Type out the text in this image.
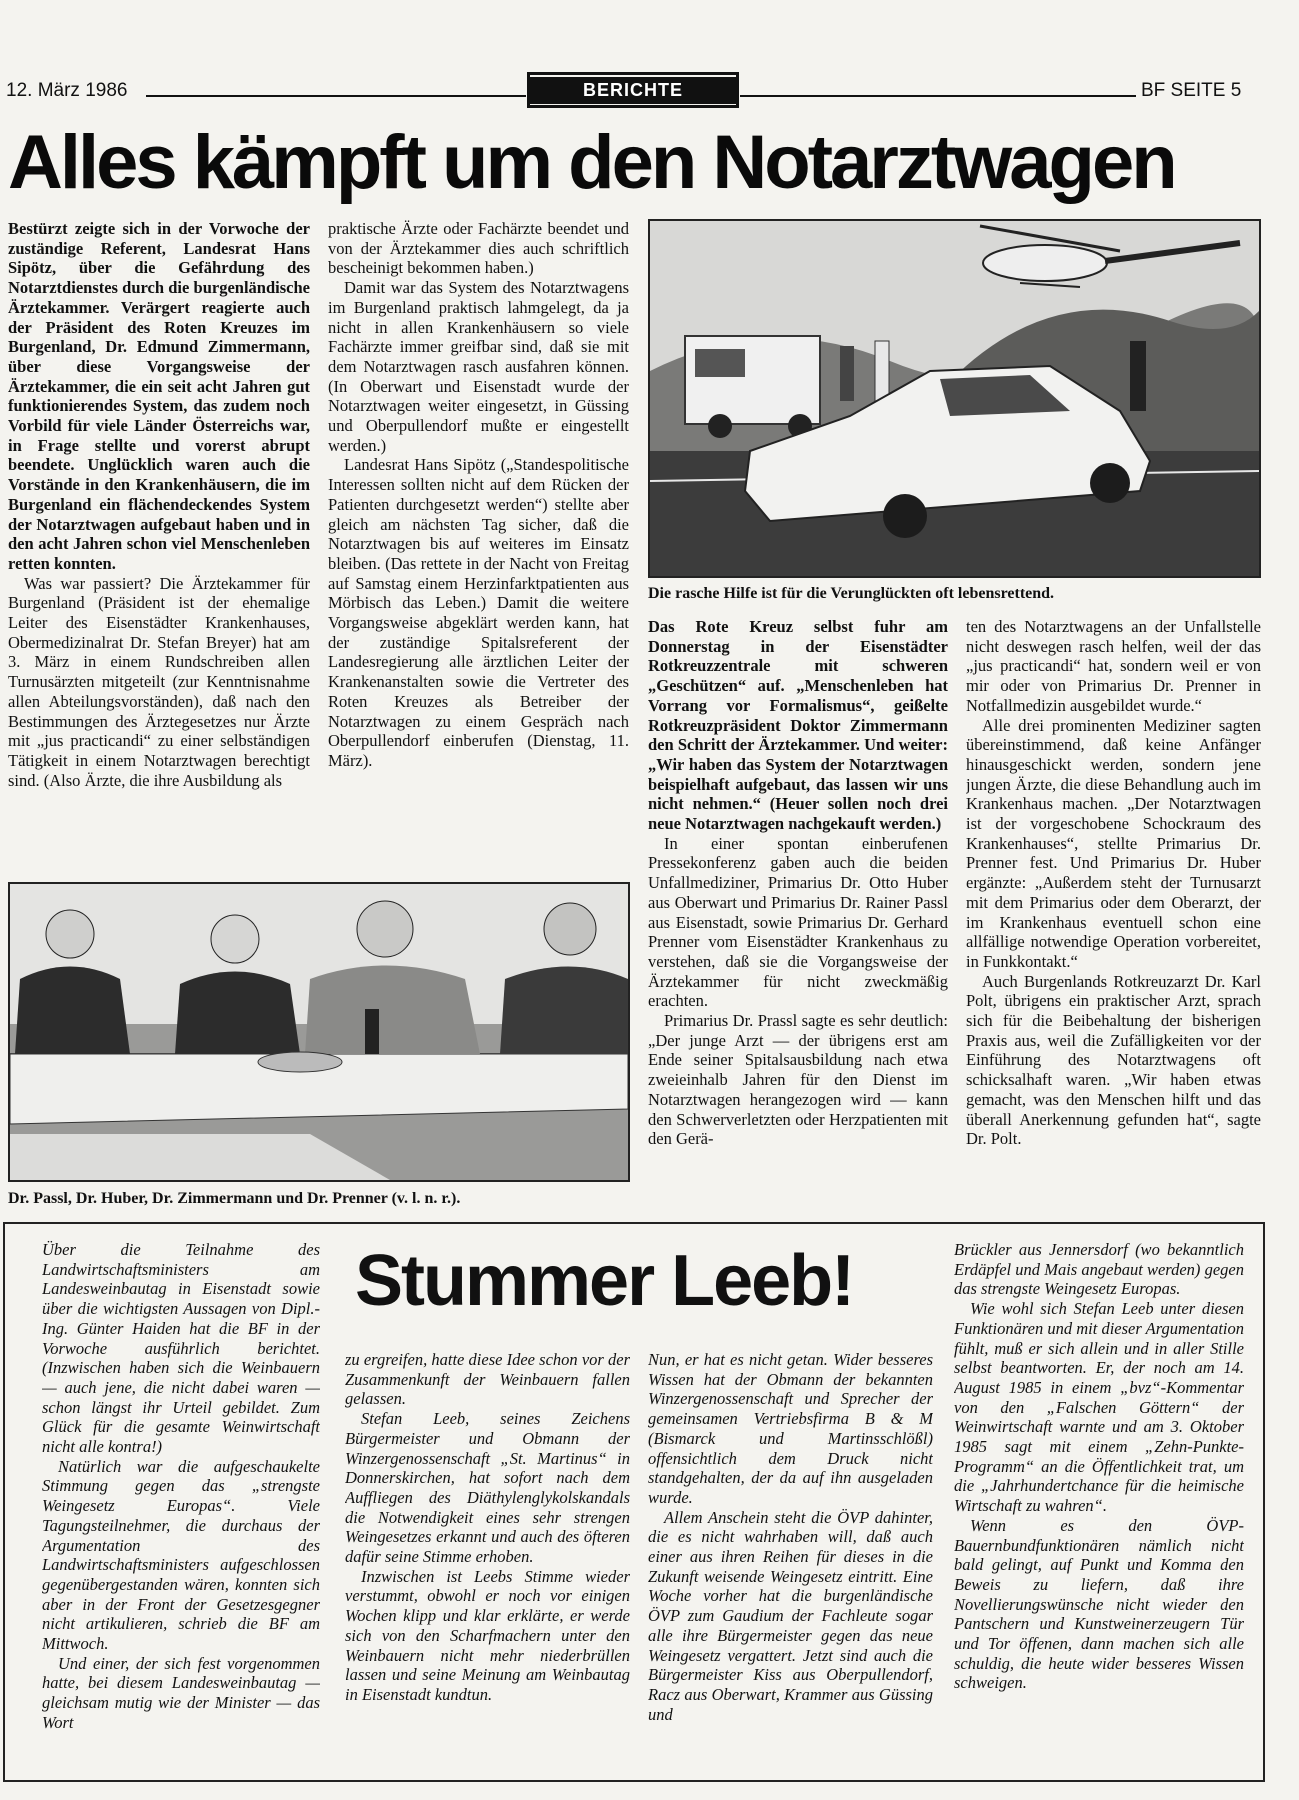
12. März 1986	BERICHTE	BF SEITE 5
Alles kämpft um den Notarztwagen

Bestürzt zeigte sich in der Vorwoche der zuständige Referent, Landesrat Hans Sipötz, über die Gefährdung des Notarztdienstes durch die burgenländische Ärztekammer. Verärgert reagierte auch der Präsident des Roten Kreuzes im Burgenland, Dr. Edmund Zimmermann, über diese Vorgangsweise der Ärztekammer, die ein seit acht Jahren gut funktionierendes System, das zudem noch Vorbild für viele Länder Österreichs war, in Frage stellte und vorerst abrupt beendete. Unglücklich waren auch die Vorstände in den Krankenhäusern, die im Burgenland ein flächendeckendes System der Notarztwagen aufgebaut haben und in den acht Jahren schon viel Menschenleben retten konnten.

Was war passiert? Die Ärztekammer für Burgenland (Präsident ist der ehemalige Leiter des Eisenstädter Krankenhauses, Obermedizinalrat Dr. Stefan Breyer) hat am 3. März in einem Rundschreiben allen Turnusärzten mitgeteilt (zur Kenntnisnahme allen Abteilungsvorständen), daß nach den Bestimmungen des Ärztegesetzes nur Ärzte mit „jus practicandi“ zu einer selbständigen Tätigkeit in einem Notarztwagen berechtigt sind. (Also Ärzte, die ihre Ausbildung als

praktische Ärzte oder Fachärzte beendet und von der Ärztekammer dies auch schriftlich bescheinigt bekommen haben.)

Damit war das System des Notarztwagens im Burgenland praktisch lahmgelegt, da ja nicht in allen Krankenhäusern so viele Fachärzte immer greifbar sind, daß sie mit dem Notarztwagen rasch ausfahren können. (In Oberwart und Eisenstadt wurde der Notarztwagen weiter eingesetzt, in Güssing und Oberpullendorf mußte er eingestellt werden.)

Landesrat Hans Sipötz („Standespolitische Interessen sollten nicht auf dem Rücken der Patienten durchgesetzt werden“) stellte aber gleich am nächsten Tag sicher, daß die Notarztwagen bis auf weiteres im Einsatz bleiben. (Das rettete in der Nacht von Freitag auf Samstag einem Herzinfarktpatienten aus Mörbisch das Leben.) Damit die weitere Vorgangsweise abgeklärt werden kann, hat der zuständige Spitalsreferent der Landesregierung alle ärztlichen Leiter der Krankenanstalten sowie die Vertreter des Roten Kreuzes als Betreiber der Notarztwagen zu einem Gespräch nach Oberpullendorf einberufen (Dienstag, 11. März).

Die rasche Hilfe ist für die Verunglückten oft lebensrettend.

Das Rote Kreuz selbst fuhr am Donnerstag in der Eisenstädter Rotkreuzzentrale mit schweren „Geschützen“ auf. „Menschenleben hat Vorrang vor Formalismus“, geißelte Rotkreuzpräsident Doktor Zimmermann den Schritt der Ärztekammer. Und weiter: „Wir haben das System der Notarztwagen beispielhaft aufgebaut, das lassen wir uns nicht nehmen.“ (Heuer sollen noch drei neue Notarztwagen nachgekauft werden.)

In einer spontan einberufenen Pressekonferenz gaben auch die beiden Unfallmediziner, Primarius Dr. Otto Huber aus Oberwart und Primarius Dr. Rainer Passl aus Eisenstadt, sowie Primarius Dr. Gerhard Prenner vom Eisenstädter Krankenhaus zu verstehen, daß sie die Vorgangsweise der Ärztekammer für nicht zweckmäßig erachten.

Primarius Dr. Prassl sagte es sehr deutlich: „Der junge Arzt — der übrigens erst am Ende seiner Spitalsausbildung nach etwa zweieinhalb Jahren für den Dienst im Notarztwagen herangezogen wird — kann den Schwerverletzten oder Herzpatienten mit den Gerä-

ten des Notarztwagens an der Unfallstelle nicht deswegen rasch helfen, weil der das „jus practicandi“ hat, sondern weil er von mir oder von Primarius Dr. Prenner in Notfallmedizin ausgebildet wurde.“

Alle drei prominenten Mediziner sagten übereinstimmend, daß keine Anfänger hinausgeschickt werden, sondern jene jungen Ärzte, die diese Behandlung auch im Krankenhaus machen. „Der Notarztwagen ist der vorgeschobene Schockraum des Krankenhauses“, stellte Primarius Dr. Prenner fest. Und Primarius Dr. Huber ergänzte: „Außerdem steht der Turnusarzt mit dem Primarius oder dem Oberarzt, der im Krankenhaus eventuell schon eine allfällige notwendige Operation vorbereitet, in Funkkontakt.“

Auch Burgenlands Rotkreuzarzt Dr. Karl Polt, übrigens ein praktischer Arzt, sprach sich für die Beibehaltung der bisherigen Praxis aus, weil die Zufälligkeiten vor der Einführung des Notarztwagens oft schicksalhaft waren. „Wir haben etwas gemacht, was den Menschen hilft und das überall Anerkennung gefunden hat“, sagte Dr. Polt.

Dr. Passl, Dr. Huber, Dr. Zimmermann und Dr. Prenner (v. l. n. r.).
Stummer Leeb!

Über die Teilnahme des Landwirtschaftsministers am Landesweinbautag in Eisenstadt sowie über die wichtigsten Aussagen von Dipl.-Ing. Günter Haiden hat die BF in der Vorwoche ausführlich berichtet. (Inzwischen haben sich die Weinbauern — auch jene, die nicht dabei waren — schon längst ihr Urteil gebildet. Zum Glück für die gesamte Weinwirtschaft nicht alle kontra!)

Natürlich war die aufgeschaukelte Stimmung gegen das „strengste Weingesetz Europas“. Viele Tagungsteilnehmer, die durchaus der Argumentation des Landwirtschaftsministers aufgeschlossen gegenübergestanden wären, konnten sich aber in der Front der Gesetzesgegner nicht artikulieren, schrieb die BF am Mittwoch.

Und einer, der sich fest vorgenommen hatte, bei diesem Landesweinbautag — gleichsam mutig wie der Minister — das Wort

zu ergreifen, hatte diese Idee schon vor der Zusammenkunft der Weinbauern fallen gelassen.

Stefan Leeb, seines Zeichens Bürgermeister und Obmann der Winzergenossenschaft „St. Martinus“ in Donnerskirchen, hat sofort nach dem Auffliegen des Diäthylenglykolskandals die Notwendigkeit eines sehr strengen Weingesetzes erkannt und auch des öfteren dafür seine Stimme erhoben.

Inzwischen ist Leebs Stimme wieder verstummt, obwohl er noch vor einigen Wochen klipp und klar erklärte, er werde sich von den Scharfmachern unter den Weinbauern nicht mehr niederbrüllen lassen und seine Meinung am Weinbautag in Eisenstadt kundtun.

Nun, er hat es nicht getan. Wider besseres Wissen hat der Obmann der bekannten Winzergenossenschaft und Sprecher der gemeinsamen Vertriebsfirma B & M (Bismarck und Martinsschlößl) offensichtlich dem Druck nicht standgehalten, der da auf ihn ausgeladen wurde.

Allem Anschein steht die ÖVP dahinter, die es nicht wahrhaben will, daß auch einer aus ihren Reihen für dieses in die Zukunft weisende Weingesetz eintritt. Eine Woche vorher hat die burgenländische ÖVP zum Gaudium der Fachleute sogar alle ihre Bürgermeister gegen das neue Weingesetz vergattert. Jetzt sind auch die Bürgermeister Kiss aus Oberpullendorf, Racz aus Oberwart, Krammer aus Güssing und

Brückler aus Jennersdorf (wo bekanntlich Erdäpfel und Mais angebaut werden) gegen das strengste Weingesetz Europas.

Wie wohl sich Stefan Leeb unter diesen Funktionären und mit dieser Argumentation fühlt, muß er sich allein und in aller Stille selbst beantworten. Er, der noch am 14. August 1985 in einem „bvz“-Kommentar von den „Falschen Göttern“ der Weinwirtschaft warnte und am 3. Oktober 1985 sagt mit einem „Zehn-Punkte-Programm“ an die Öffentlichkeit trat, um die „Jahrhundertchance für die heimische Wirtschaft zu wahren“.

Wenn es den ÖVP-Bauernbundfunktionären nämlich nicht bald gelingt, auf Punkt und Komma den Beweis zu liefern, daß ihre Novellierungswünsche nicht wieder den Pantschern und Kunstweinerzeugern Tür und Tor öffenen, dann machen sich alle schuldig, die heute wider besseres Wissen schweigen.
